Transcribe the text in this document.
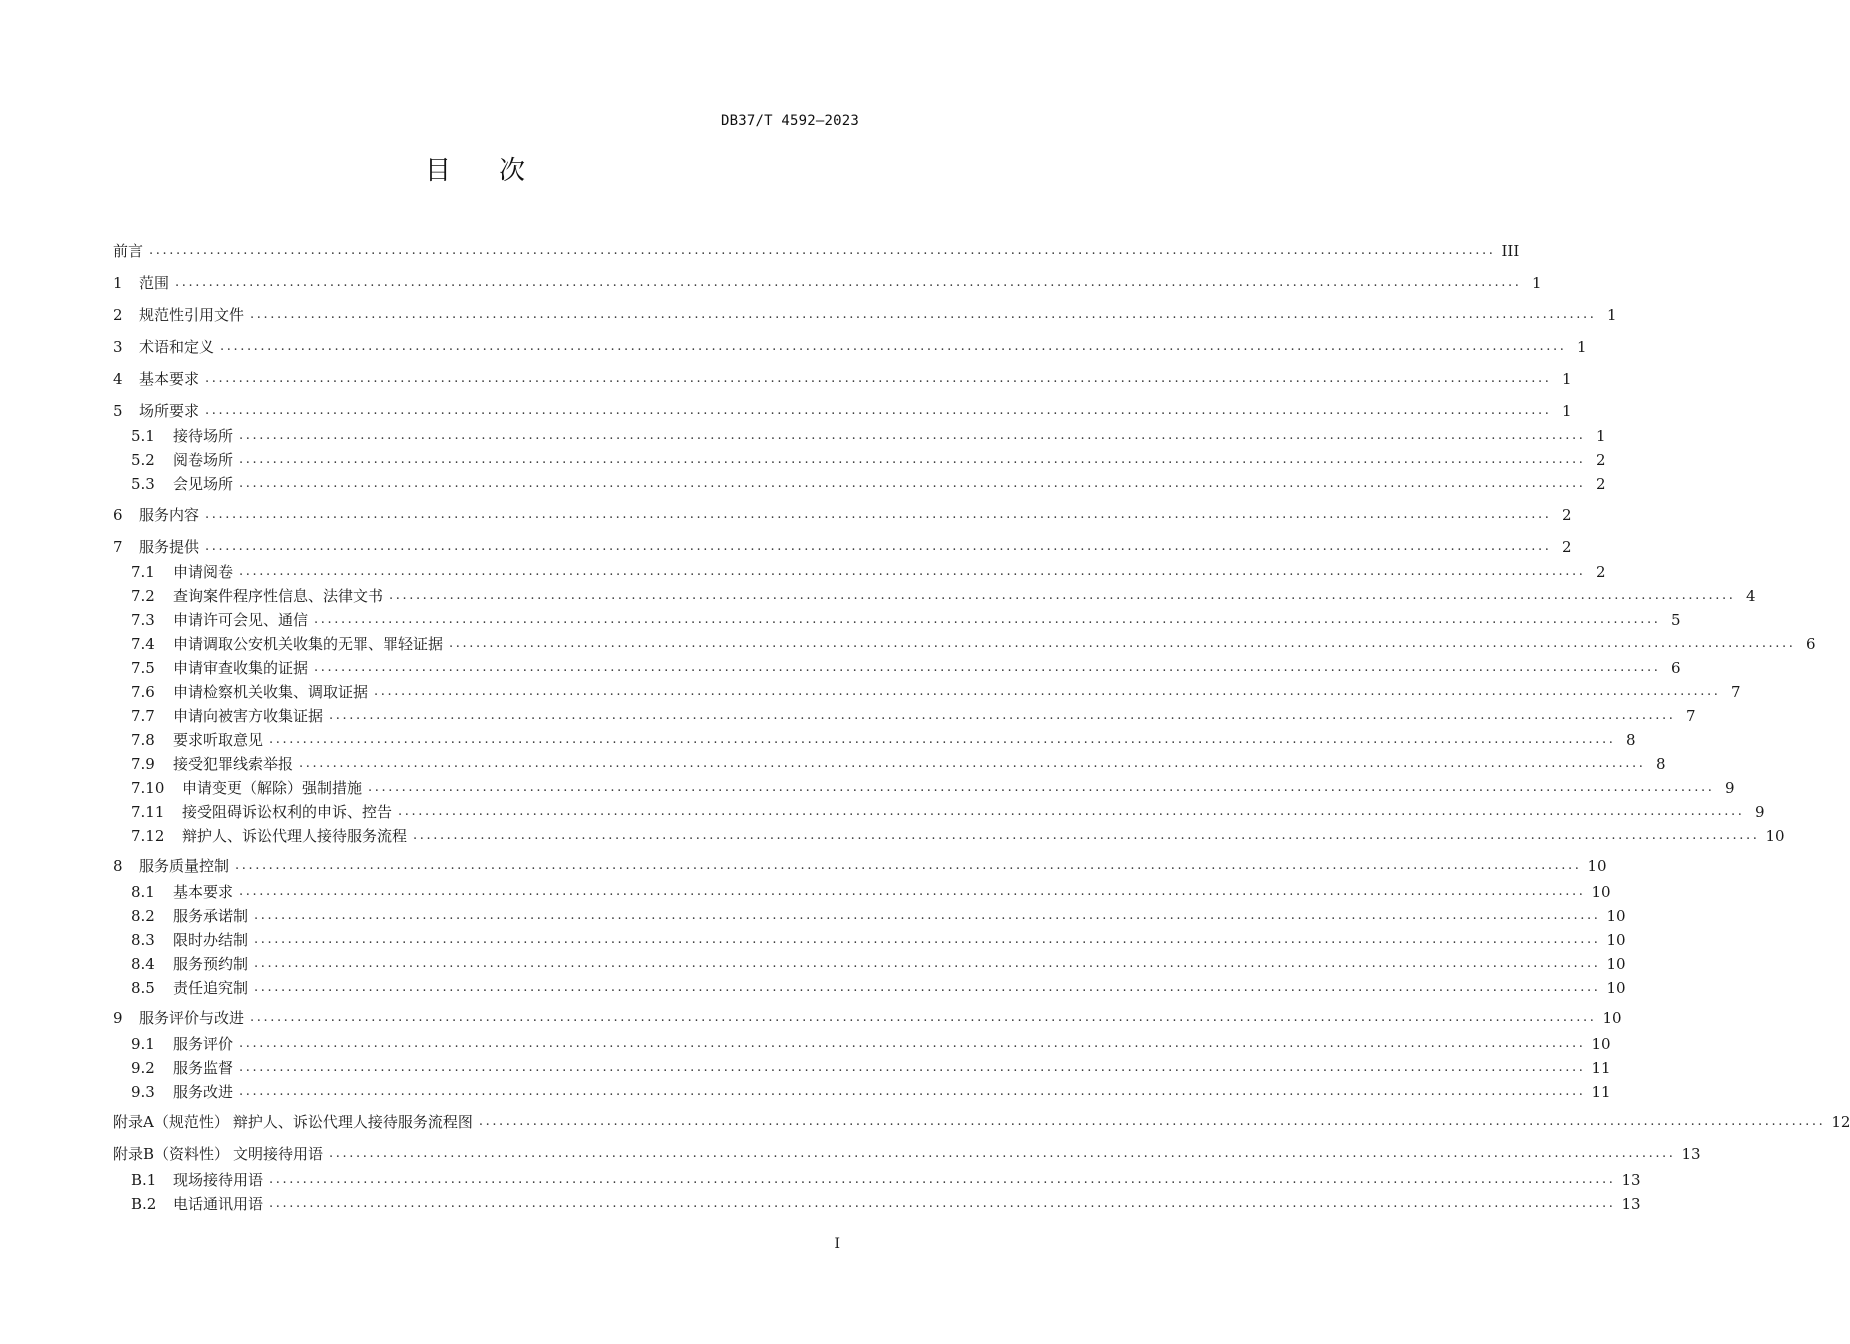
DB37/T 4592—2023
目 次
前言 ........................................................................................................................................................................................................ III
1	范围 ........................................................................................................................................................................................................ 1
2	规范性引用文件 ........................................................................................................................................................................................................ 1
3	术语和定义 ........................................................................................................................................................................................................ 1
4	基本要求 ........................................................................................................................................................................................................ 1
5	场所要求 ........................................................................................................................................................................................................ 1
5.1	接待场所 ........................................................................................................................................................................................................ 1
5.2	阅卷场所 ........................................................................................................................................................................................................ 2
5.3	会见场所 ........................................................................................................................................................................................................ 2
6	服务内容 ........................................................................................................................................................................................................ 2
7	服务提供 ........................................................................................................................................................................................................ 2
7.1	申请阅卷 ........................................................................................................................................................................................................ 2
7.2	查询案件程序性信息、法律文书 ........................................................................................................................................................................................................ 4
7.3	申请许可会见、通信 ........................................................................................................................................................................................................ 5
7.4	申请调取公安机关收集的无罪、罪轻证据 ........................................................................................................................................................................................................ 6
7.5	申请审查收集的证据 ........................................................................................................................................................................................................ 6
7.6	申请检察机关收集、调取证据 ........................................................................................................................................................................................................ 7
7.7	申请向被害方收集证据 ........................................................................................................................................................................................................ 7
7.8	要求听取意见 ........................................................................................................................................................................................................ 8
7.9	接受犯罪线索举报 ........................................................................................................................................................................................................ 8
7.10	申请变更（解除）强制措施 ........................................................................................................................................................................................................ 9
7.11	接受阻碍诉讼权利的申诉、控告 ........................................................................................................................................................................................................ 9
7.12	辩护人、诉讼代理人接待服务流程 ........................................................................................................................................................................................................ 10
8	服务质量控制 ........................................................................................................................................................................................................ 10
8.1	基本要求 ........................................................................................................................................................................................................ 10
8.2	服务承诺制 ........................................................................................................................................................................................................ 10
8.3	限时办结制 ........................................................................................................................................................................................................ 10
8.4	服务预约制 ........................................................................................................................................................................................................ 10
8.5	责任追究制 ........................................................................................................................................................................................................ 10
9	服务评价与改进 ........................................................................................................................................................................................................ 10
9.1	服务评价 ........................................................................................................................................................................................................ 10
9.2	服务监督 ........................................................................................................................................................................................................ 11
9.3	服务改进 ........................................................................................................................................................................................................ 11
附录A（规范性） 辩护人、诉讼代理人接待服务流程图 ........................................................................................................................................................................................................ 12
附录B（资料性） 文明接待用语 ........................................................................................................................................................................................................ 13
B.1	现场接待用语 ........................................................................................................................................................................................................ 13
B.2	电话通讯用语 ........................................................................................................................................................................................................ 13
I
